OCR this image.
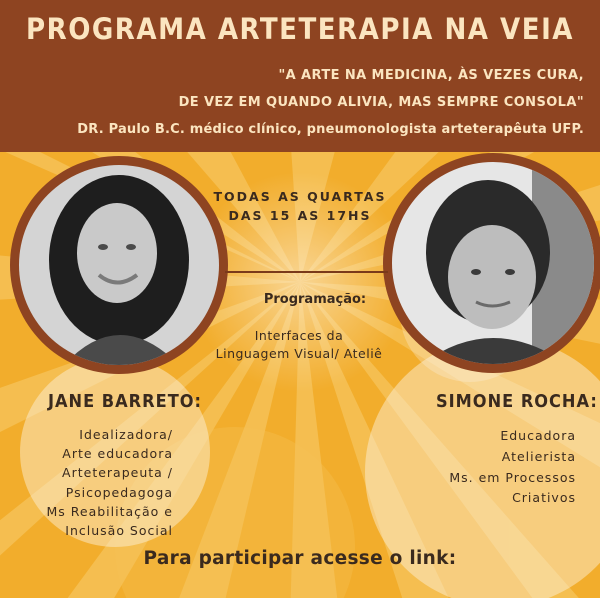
PROGRAMA ARTETERAPIA NA VEIA
"A ARTE NA MEDICINA, ÀS VEZES CURA,
DE VEZ EM QUANDO ALIVIA, MAS SEMPRE CONSOLA"
DR. Paulo B.C. médico clínico, pneumonologista arteterapêuta UFP.
TODAS AS QUARTAS
DAS 15 AS 17HS
Programação:
Interfaces da
Linguagem Visual/ Ateliê
JANE BARRETO:	SIMONE ROCHA:
Idealizadora/
Arte educadora
Arteterapeuta /
Psicopedagoga
Ms Reabilitação e
Inclusão Social
Educadora
Atelierista
Ms. em Processos
Criativos
Para participar acesse o link:
